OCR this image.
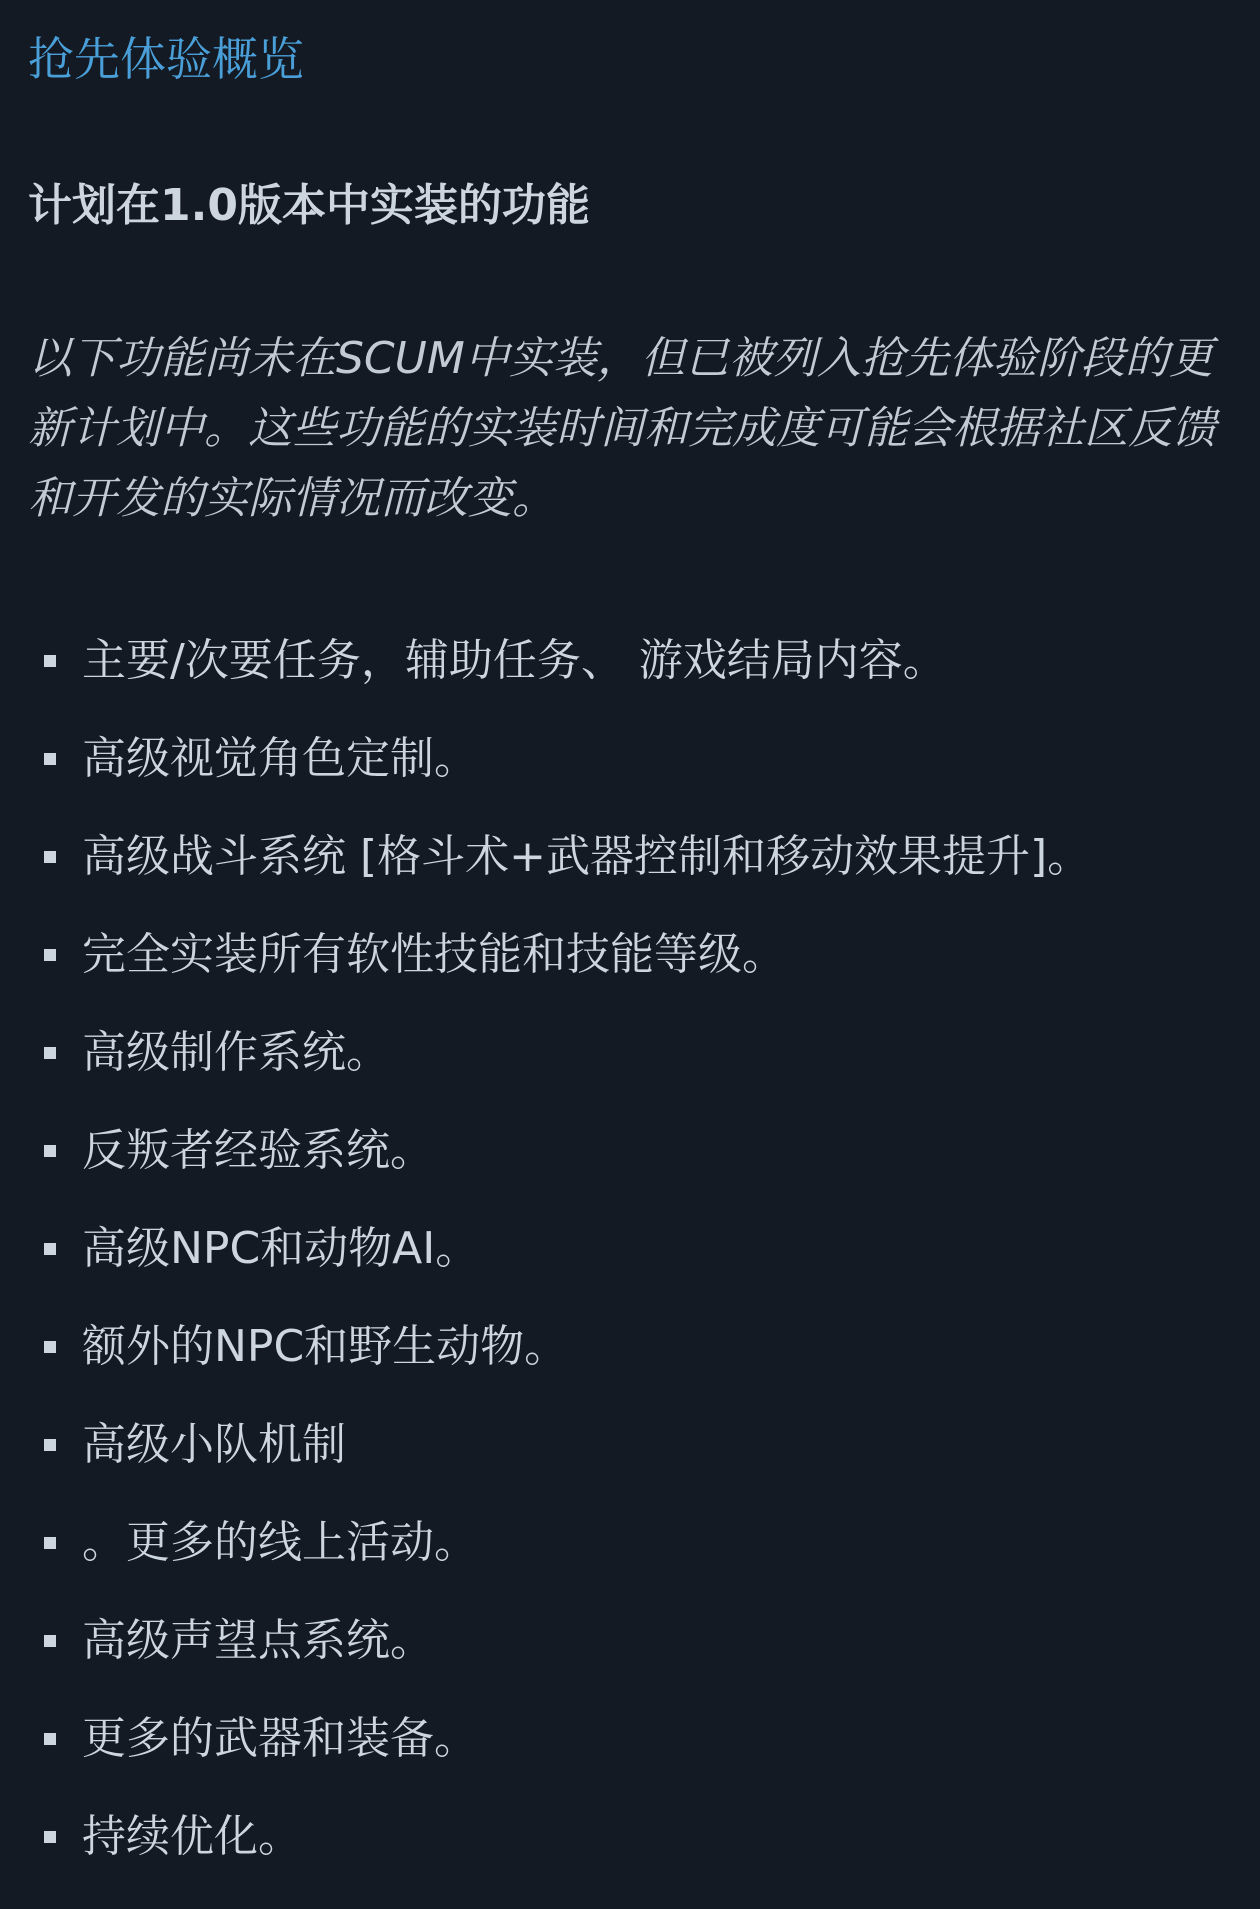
抢先体验概览
计划在1.0版本中实装的功能

以下功能尚未在SCUM中实装，但已被列入抢先体验阶段的更新计划中。这些功能的实装时间和完成度可能会根据社区反馈和开发的实际情况而改变。

主要/次要任务，辅助任务、 游戏结局内容。
高级视觉角色定制。
高级战斗系统 [格斗术+武器控制和移动效果提升]。
完全实装所有软性技能和技能等级。
高级制作系统。
反叛者经验系统。
高级NPC和动物AI。
额外的NPC和野生动物。
高级小队机制
。更多的线上活动。
高级声望点系统。
更多的武器和装备。
持续优化。
